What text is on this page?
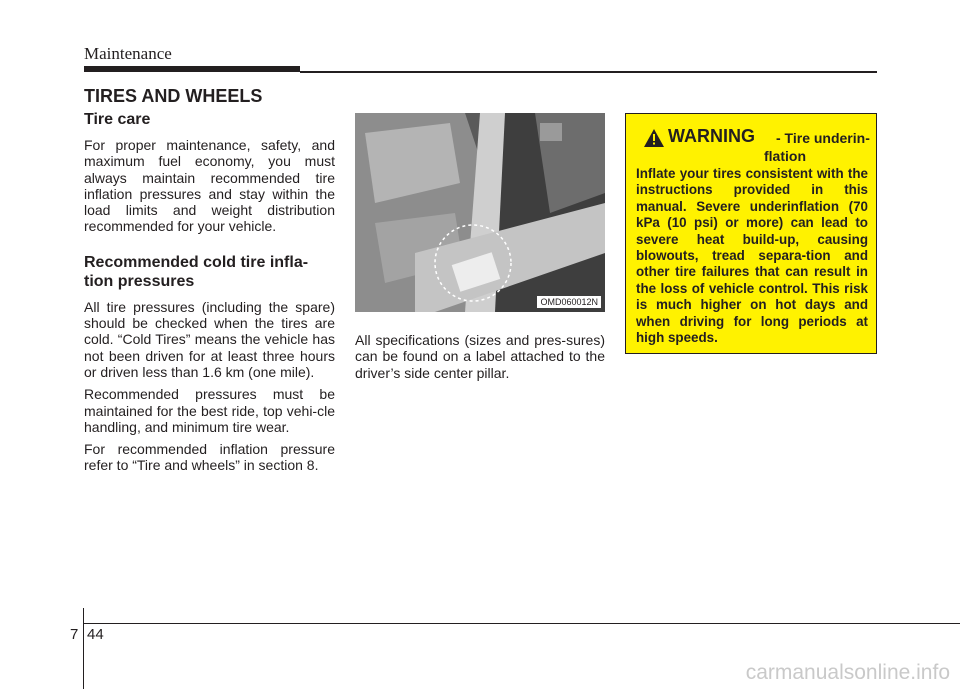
Maintenance
TIRES AND WHEELS
Tire care

For proper maintenance, safety, and maximum fuel economy, you must always maintain recommended tire inflation pressures and stay within the load limits and weight distribution recommended for your vehicle.

Recommended cold tire infla-
tion pressures

All tire pressures (including the spare) should be checked when the tires are cold. “Cold Tires” means the vehicle has not been driven for at least three hours or driven less than 1.6 km (one mile).

Recommended pressures must be maintained for the best ride, top vehi-cle handling, and minimum tire wear.

For recommended inflation pressure refer to “Tire and wheels” in section 8.

OMD060012N

All specifications (sizes and pres-sures) can be found on a label attached to the driver’s side center pillar.

WARNING - Tire underin-
flation
Inflate your tires consistent with the instructions provided in this manual. Severe underinflation (70 kPa (10 psi) or more) can lead to severe heat build-up, causing blowouts, tread separa-tion and other tire failures that can result in the loss of vehicle control. This risk is much higher on hot days and when driving for long periods at high speeds.
7 44
carmanualsonline.info
